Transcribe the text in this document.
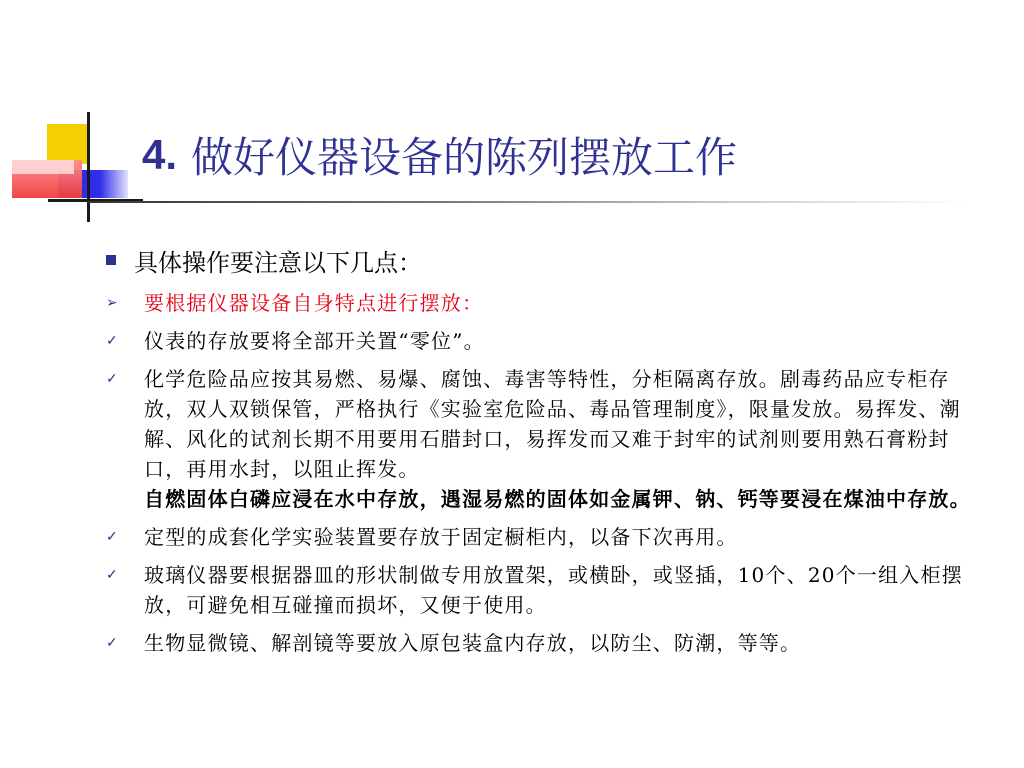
4. 做好仪器设备的陈列摆放工作
具体操作要注意以下几点：
➢	要根据仪器设备自身特点进行摆放：
✓	仪表的存放要将全部开关置“零位”。
✓	化学危险品应按其易燃、易爆、腐蚀、毒害等特性，分柜隔离存放。剧毒药品应专柜存放，双人双锁保管，严格执行《实验室危险品、毒品管理制度》，限量发放。易挥发、潮解、风化的试剂长期不用要用石腊封口，易挥发而又难于封牢的试剂则要用熟石膏粉封口，再用水封，以阻止挥发。
自燃固体白磷应浸在水中存放，遇湿易燃的固体如金属钾、钠、钙等要浸在煤油中存放。
✓	定型的成套化学实验装置要存放于固定橱柜内，以备下次再用。
✓	玻璃仪器要根据器皿的形状制做专用放置架，或横卧，或竖插，10个、20个一组入柜摆放，可避免相互碰撞而损坏，又便于使用。
✓	生物显微镜、解剖镜等要放入原包装盒内存放，以防尘、防潮，等等。
